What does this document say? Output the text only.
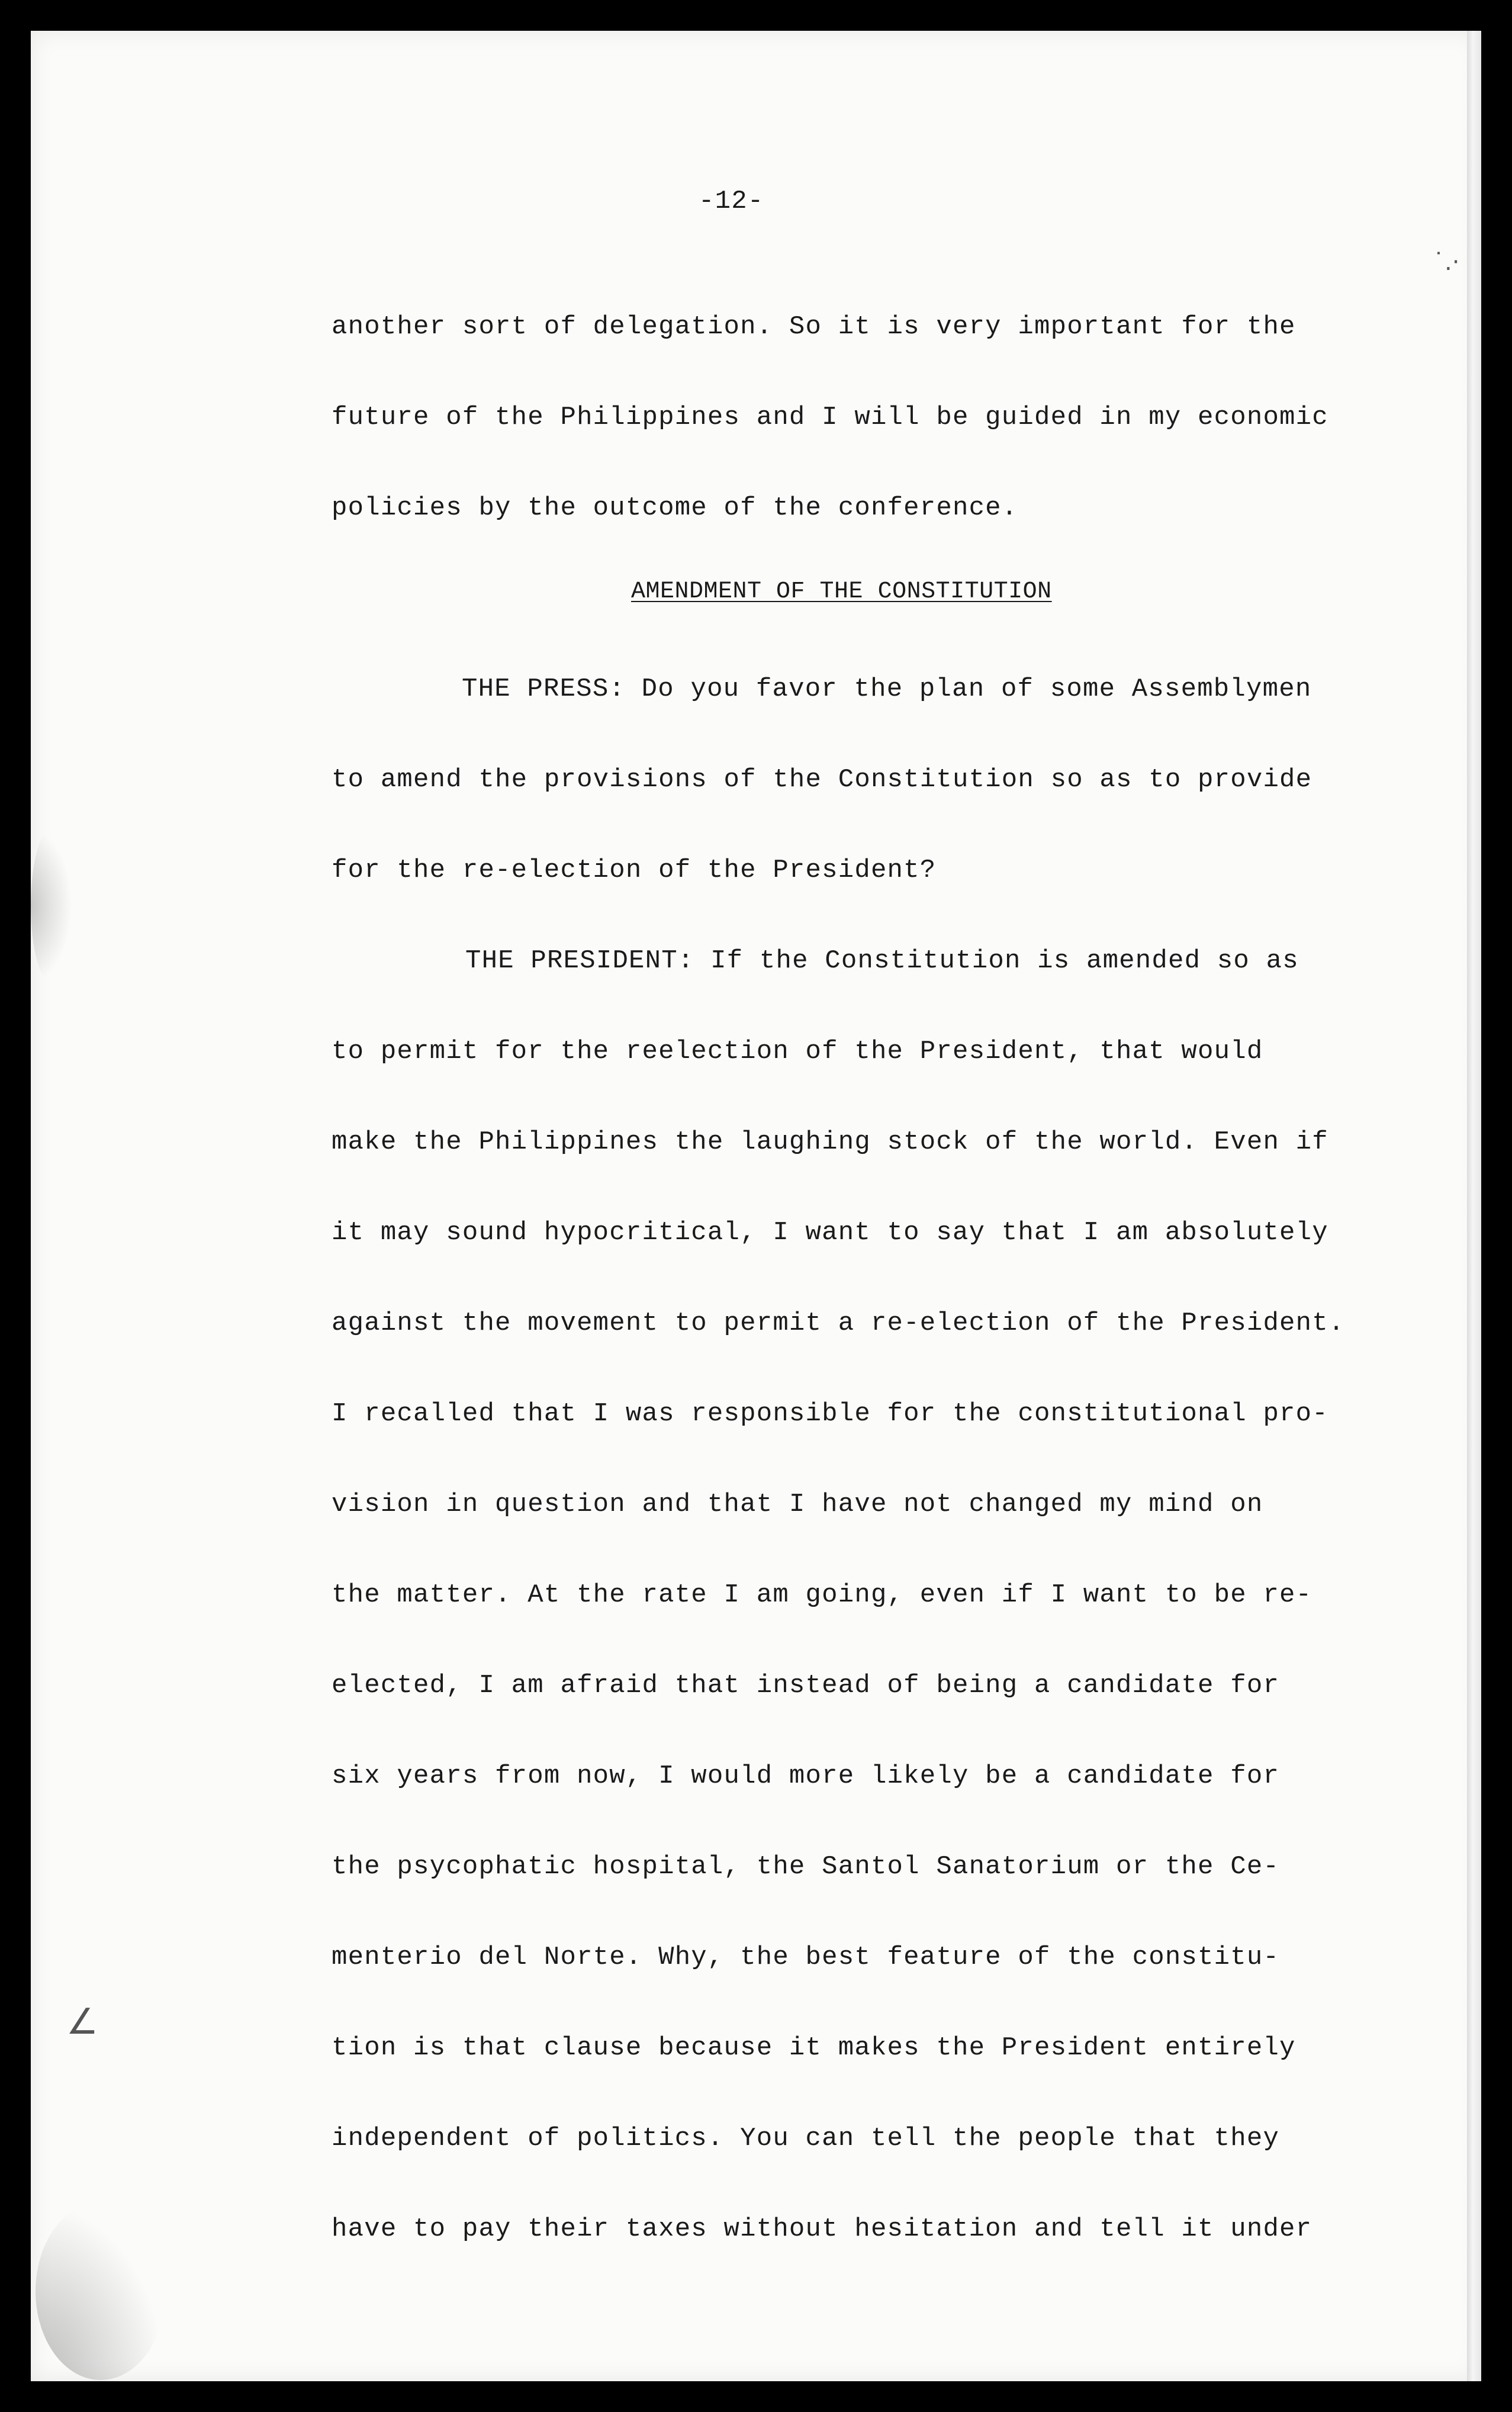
˙.·
∠
-12-
another sort of delegation. So it is very important for the
future of the Philippines and I will be guided in my economic
policies by the outcome of the conference.
AMENDMENT OF THE CONSTITUTION
THE PRESS: Do you favor the plan of some Assemblymen
to amend the provisions of the Constitution so as to provide
for the re-election of the President?
THE PRESIDENT: If the Constitution is amended so as
to permit for the reelection of the President, that would
make the Philippines the laughing stock of the world. Even if
it may sound hypocritical, I want to say that I am absolutely
against the movement to permit a re-election of the President.
I recalled that I was responsible for the constitutional pro-
vision in question and that I have not changed my mind on
the matter. At the rate I am going, even if I want to be re-
elected, I am afraid that instead of being a candidate for
six years from now, I would more likely be a candidate for
the psycophatic hospital, the Santol Sanatorium or the Ce-
menterio del Norte. Why, the best feature of the constitu-
tion is that clause because it makes the President entirely
independent of politics. You can tell the people that they
have to pay their taxes without hesitation and tell it under
